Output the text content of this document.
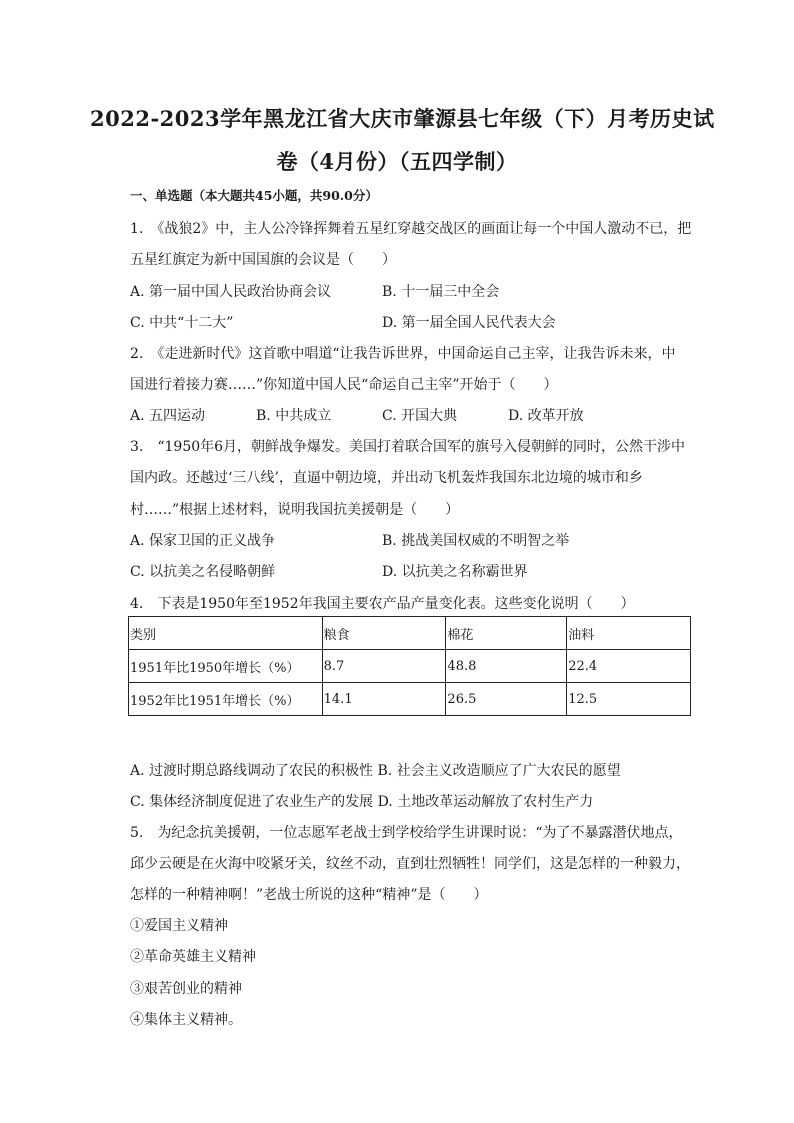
2022-2023学年黑龙江省大庆市肇源县七年级（下）月考历史试
卷（4月份）（五四学制）
一、单选题（本大题共45小题，共90.0分）
1.　《战狼2》中，主人公冷锋挥舞着五星红穿越交战区的画面让每一个中国人激动不已，把
五星红旗定为新中国国旗的会议是（　　）
A. 第一届中国人民政治协商会议	B. 十一届三中全会
C. 中共“十二大”	D. 第一届全国人民代表大会
2.　《走进新时代》这首歌中唱道“让我告诉世界，中国命运自己主宰，让我告诉未来，中
国进行着接力赛……”你知道中国人民“命运自己主宰”开始于（　　）
A. 五四运动	B. 中共成立	C. 开国大典	D. 改革开放
3.　“1950年6月，朝鲜战争爆发。美国打着联合国军的旗号入侵朝鲜的同时，公然干涉中
国内政。还越过‘三八线’，直逼中朝边境，并出动飞机轰炸我国东北边境的城市和乡
村……”根据上述材料，说明我国抗美援朝是（　　）
A. 保家卫国的正义战争	B. 挑战美国权威的不明智之举
C. 以抗美之名侵略朝鲜	D. 以抗美之名称霸世界
4.　下表是1950年至1952年我国主要农产品产量变化表。这些变化说明（　　）
类别	粮食	棉花	油料
1951年比1950年增长（%）	8.7	48.8	22.4
1952年比1951年增长（%）	14.1	26.5	12.5
A. 过渡时期总路线调动了农民的积极性 B. 社会主义改造顺应了广大农民的愿望
C. 集体经济制度促进了农业生产的发展 D. 土地改革运动解放了农村生产力
5.　为纪念抗美援朝，一位志愿军老战士到学校给学生讲课时说：“为了不暴露潜伏地点，
邱少云硬是在火海中咬紧牙关，纹丝不动，直到壮烈牺牲！同学们，这是怎样的一种毅力，
怎样的一种精神啊！”老战士所说的这种“精神”是（　　）
①爱国主义精神
②革命英雄主义精神
③艰苦创业的精神
④集体主义精神。
